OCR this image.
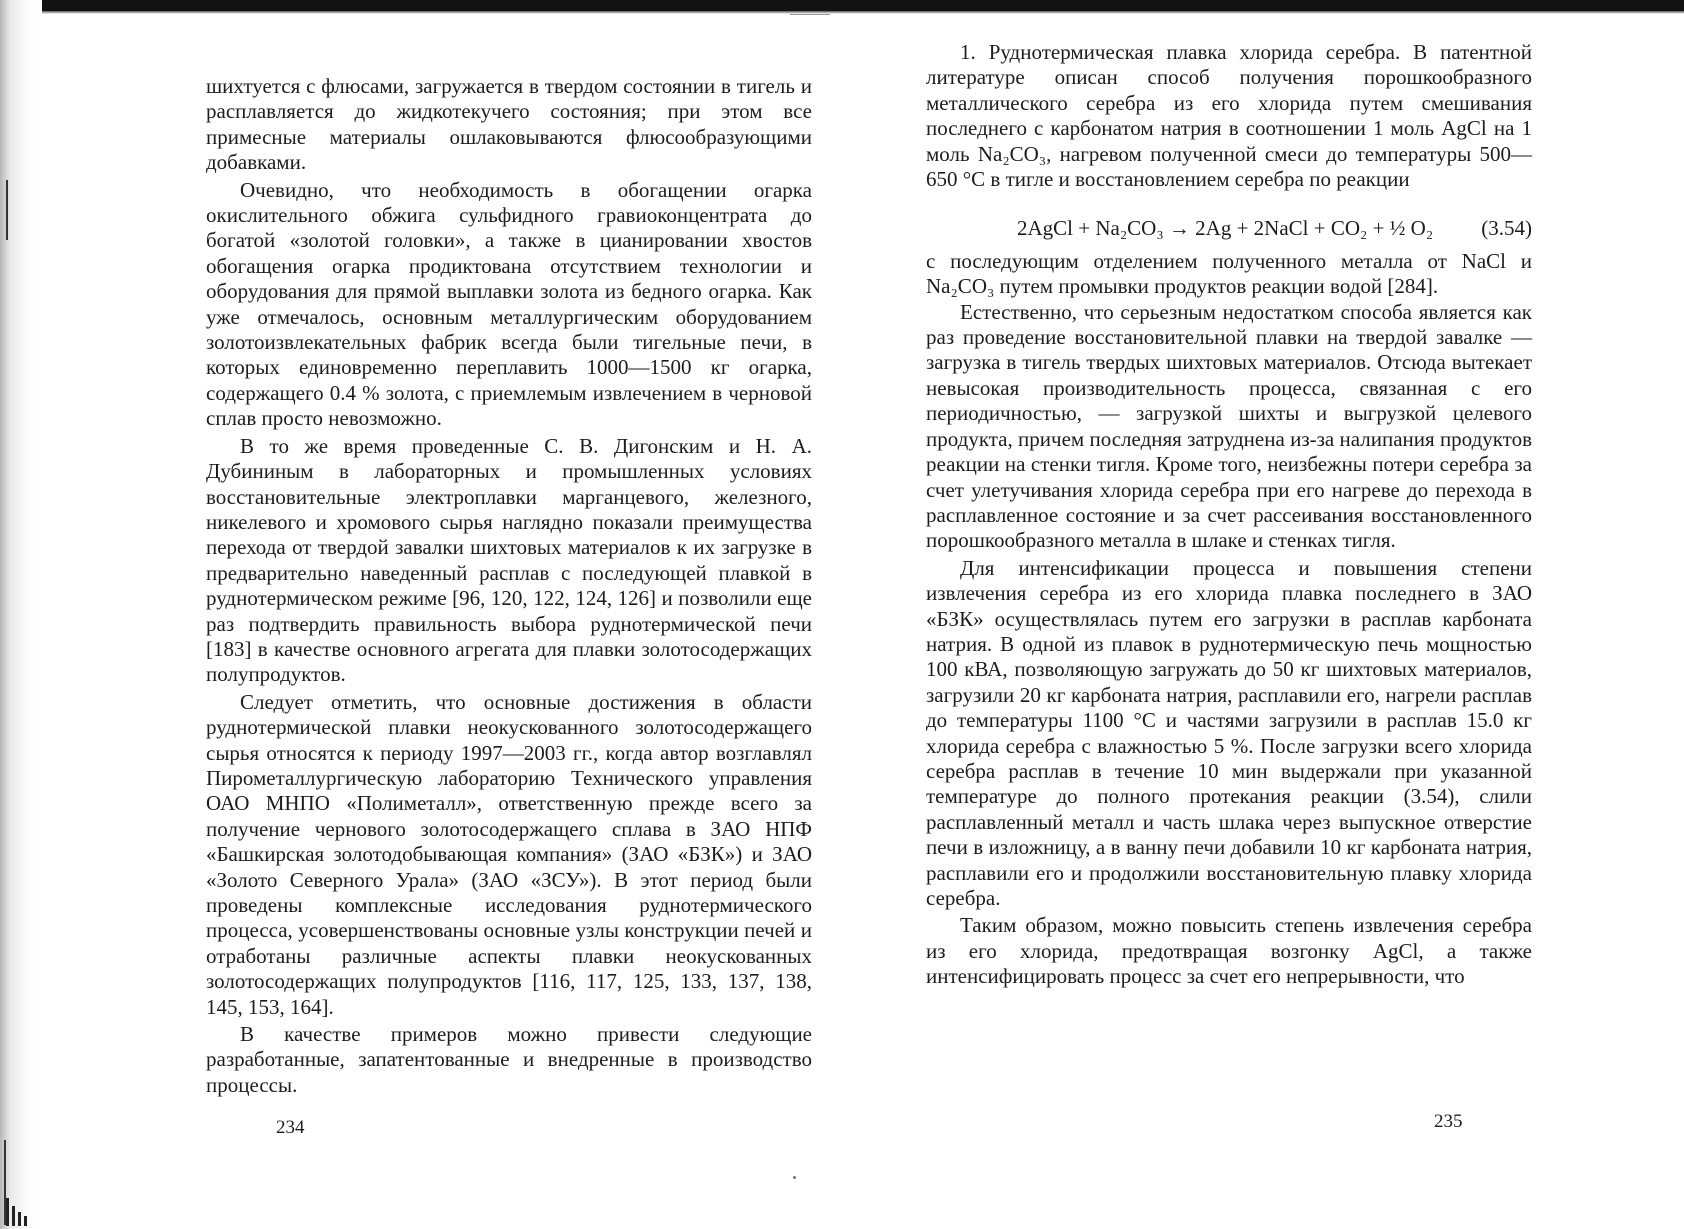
шихтуется с флюсами, загружается в твердом состоянии в тигель и расплавляется до жидкотекучего состояния; при этом все примесные материалы ошлаковываются флюсообразующими добавками.

Очевидно, что необходимость в обогащении огарка окислительного обжига сульфидного гравиоконцентрата до богатой «золотой головки», а также в цианировании хвостов обогащения огарка продиктована отсутствием технологии и оборудования для прямой выплавки золота из бедного огарка. Как уже отмечалось, основным металлургическим оборудованием золотоизвлекательных фабрик всегда были тигельные печи, в которых единовременно переплавить 1000—1500 кг огарка, содержащего 0.4 % золота, с приемлемым извлечением в черновой сплав просто невозможно.

В то же время проведенные С. В. Дигонским и Н. А. Дубининым в лабораторных и промышленных условиях восстановительные электроплавки марганцевого, железного, никелевого и хромового сырья наглядно показали преимущества перехода от твердой завалки шихтовых материалов к их загрузке в предварительно наведенный расплав с последующей плавкой в руднотермическом режиме [96, 120, 122, 124, 126] и позволили еще раз подтвердить правильность выбора руднотермической печи [183] в качестве основного агрегата для плавки золотосодержащих полупродуктов.

Следует отметить, что основные достижения в области руднотермической плавки неокускованного золотосодержащего сырья относятся к периоду 1997—2003 гг., когда автор возглавлял Пирометаллургическую лабораторию Технического управления ОАО МНПО «Полиметалл», ответственную прежде всего за получение чернового золотосодержащего сплава в ЗАО НПФ «Башкирская золотодобывающая компания» (ЗАО «БЗК») и ЗАО «Золото Северного Урала» (ЗАО «ЗСУ»). В этот период были проведены комплексные исследования руднотермического процесса, усовершенствованы основные узлы конструкции печей и отработаны различные аспекты плавки неокускованных золотосодержащих полупродуктов [116, 117, 125, 133, 137, 138, 145, 153, 164].

В качестве примеров можно привести следующие разработанные, запатентованные и внедренные в производство процессы.

234

1. Руднотермическая плавка хлорида серебра. В патентной литературе описан способ получения порошкообразного металлического серебра из его хлорида путем смешивания последнего с карбонатом натрия в соотношении 1 моль AgCl на 1 моль Na₂CO₃, нагревом полученной смеси до температуры 500—650 °С в тигле и восстановлением серебра по реакции

2AgCl + Na₂CO₃ → 2Ag + 2NaCl + CO₂ + ½ O₂ (3.54)

с последующим отделением полученного металла от NaCl и Na₂CO₃ путем промывки продуктов реакции водой [284].

Естественно, что серьезным недостатком способа является как раз проведение восстановительной плавки на твердой завалке — загрузка в тигель твердых шихтовых материалов. Отсюда вытекает невысокая производительность процесса, связанная с его периодичностью, — загрузкой шихты и выгрузкой целевого продукта, причем последняя затруднена из-за налипания продуктов реакции на стенки тигля. Кроме того, неизбежны потери серебра за счет улетучивания хлорида серебра при его нагреве до перехода в расплавленное состояние и за счет рассеивания восстановленного порошкообразного металла в шлаке и стенках тигля.

Для интенсификации процесса и повышения степени извлечения серебра из его хлорида плавка последнего в ЗАО «БЗК» осуществлялась путем его загрузки в расплав карбоната натрия. В одной из плавок в руднотермическую печь мощностью 100 кВА, позволяющую загружать до 50 кг шихтовых материалов, загрузили 20 кг карбоната натрия, расплавили его, нагрели расплав до температуры 1100 °С и частями загрузили в расплав 15.0 кг хлорида серебра с влажностью 5 %. После загрузки всего хлорида серебра расплав в течение 10 мин выдержали при указанной температуре до полного протекания реакции (3.54), слили расплавленный металл и часть шлака через выпускное отверстие печи в изложницу, а в ванну печи добавили 10 кг карбоната натрия, расплавили его и продолжили восстановительную плавку хлорида серебра.

Таким образом, можно повысить степень извлечения серебра из его хлорида, предотвращая возгонку AgCl, а также интенсифицировать процесс за счет его непрерывности, что

235
